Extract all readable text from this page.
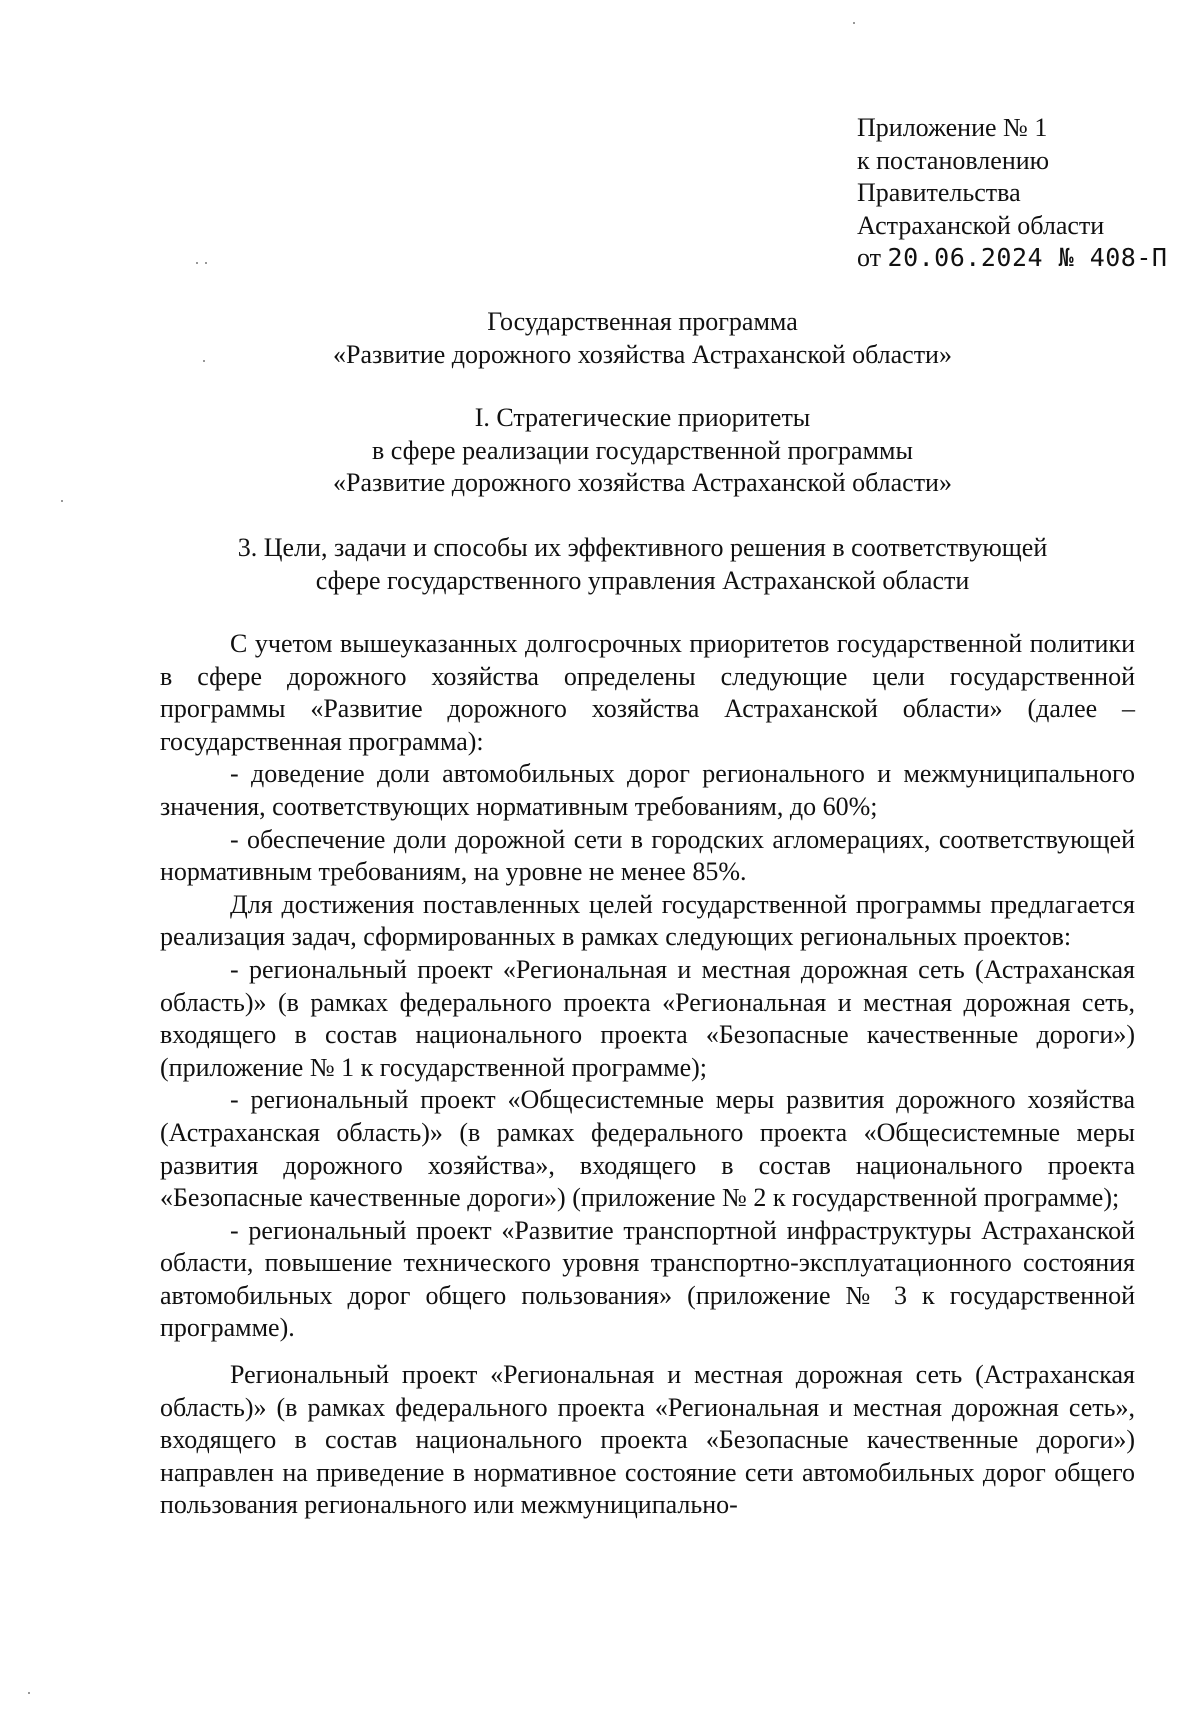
Приложение № 1
к постановлению
Правительства
Астраханской области
от 20.06.2024 № 408-П
Государственная программа
«Развитие дорожного хозяйства Астраханской области»
I. Стратегические приоритеты
в сфере реализации государственной программы
«Развитие дорожного хозяйства Астраханской области»
3. Цели, задачи и способы их эффективного решения в соответствующей
сфере государственного управления Астраханской области

С учетом вышеуказанных долгосрочных приоритетов государственной политики в сфере дорожного хозяйства определены следующие цели государственной программы «Развитие дорожного хозяйства Астраханской области» (далее – государственная программа):

- доведение доли автомобильных дорог регионального и межмуниципального значения, соответствующих нормативным требованиям, до 60%;

- обеспечение доли дорожной сети в городских агломерациях, соответствующей нормативным требованиям, на уровне не менее 85%.

Для достижения поставленных целей государственной программы предлагается реализация задач, сформированных в рамках следующих региональных проектов:

- региональный проект «Региональная и местная дорожная сеть (Астраханская область)» (в рамках федерального проекта «Региональная и местная дорожная сеть, входящего в состав национального проекта «Безопасные качественные дороги») (приложение № 1 к государственной программе);

- региональный проект «Общесистемные меры развития дорожного хозяйства (Астраханская область)» (в рамках федерального проекта «Общесистемные меры развития дорожного хозяйства», входящего в состав национального проекта «Безопасные качественные дороги») (приложение № 2 к государственной программе);

- региональный проект «Развитие транспортной инфраструктуры Астраханской области, повышение технического уровня транспортно-эксплуатационного состояния автомобильных дорог общего пользования» (приложение № 3 к государственной программе).

Региональный проект «Региональная и местная дорожная сеть (Астраханская область)» (в рамках федерального проекта «Региональная и местная дорожная сеть», входящего в состав национального проекта «Безопасные качественные дороги») направлен на приведение в нормативное состояние сети автомобильных дорог общего пользования регионального или межмуниципально-
